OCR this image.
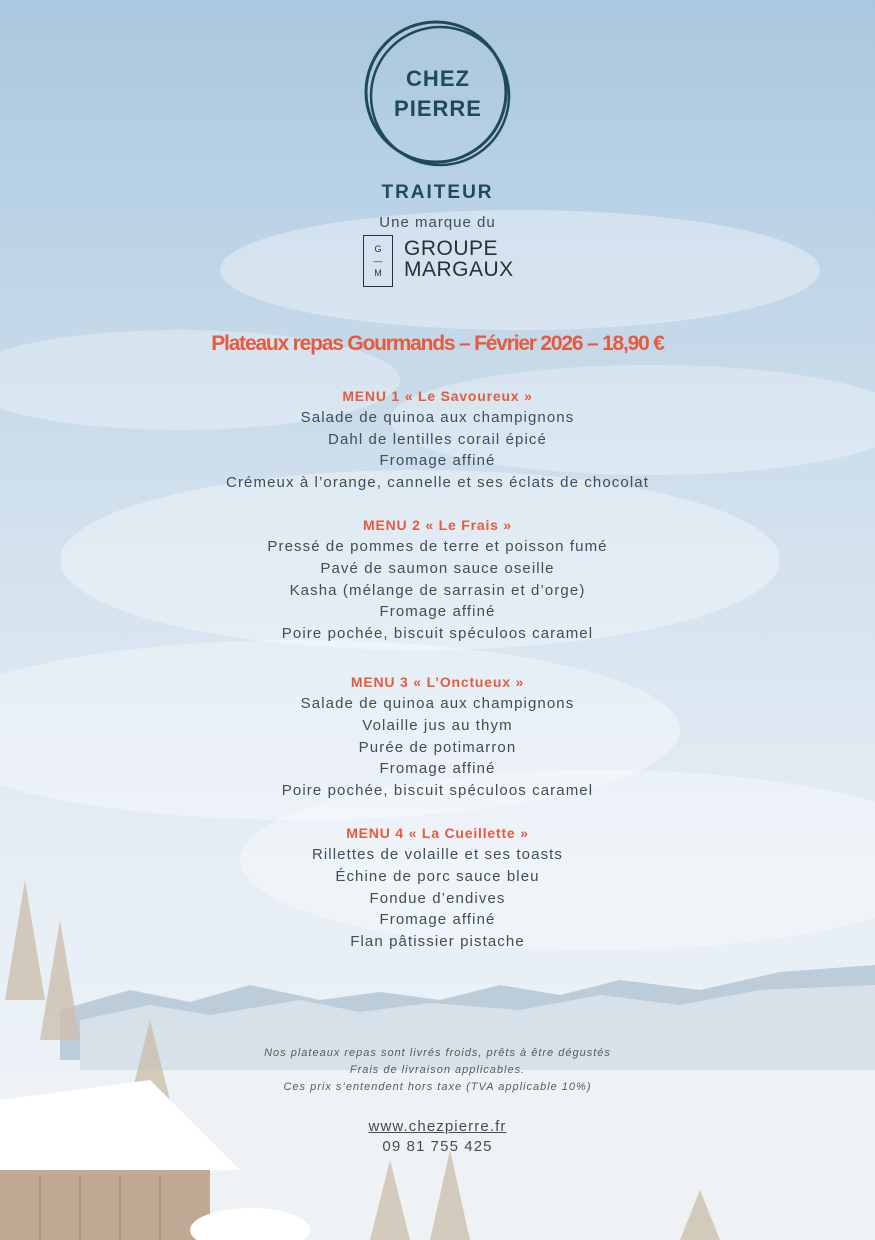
CHEZ
PIERRE
TRAITEUR
Une marque du
G
—
M
GROUPE
MARGAUX
Plateaux repas Gourmands – Février 2026 – 18,90 €
MENU 1 « Le Savoureux »
Salade de quinoa aux champignons
Dahl de lentilles corail épicé
Fromage affiné
Crémeux à l’orange, cannelle et ses éclats de chocolat
MENU 2 « Le Frais »
Pressé de pommes de terre et poisson fumé
Pavé de saumon sauce oseille
Kasha (mélange de sarrasin et d’orge)
Fromage affiné
Poire pochée, biscuit spéculoos caramel
MENU 3 « L’Onctueux »
Salade de quinoa aux champignons
Volaille jus au thym
Purée de potimarron
Fromage affiné
Poire pochée, biscuit spéculoos caramel
MENU 4 « La Cueillette »
Rillettes de volaille et ses toasts
Échine de porc sauce bleu
Fondue d’endives
Fromage affiné
Flan pâtissier pistache
Nos plateaux repas sont livrés froids, prêts à être dégustés
Frais de livraison applicables.
Ces prix s’entendent hors taxe (TVA applicable 10%)
www.chezpierre.fr
09 81 755 425
